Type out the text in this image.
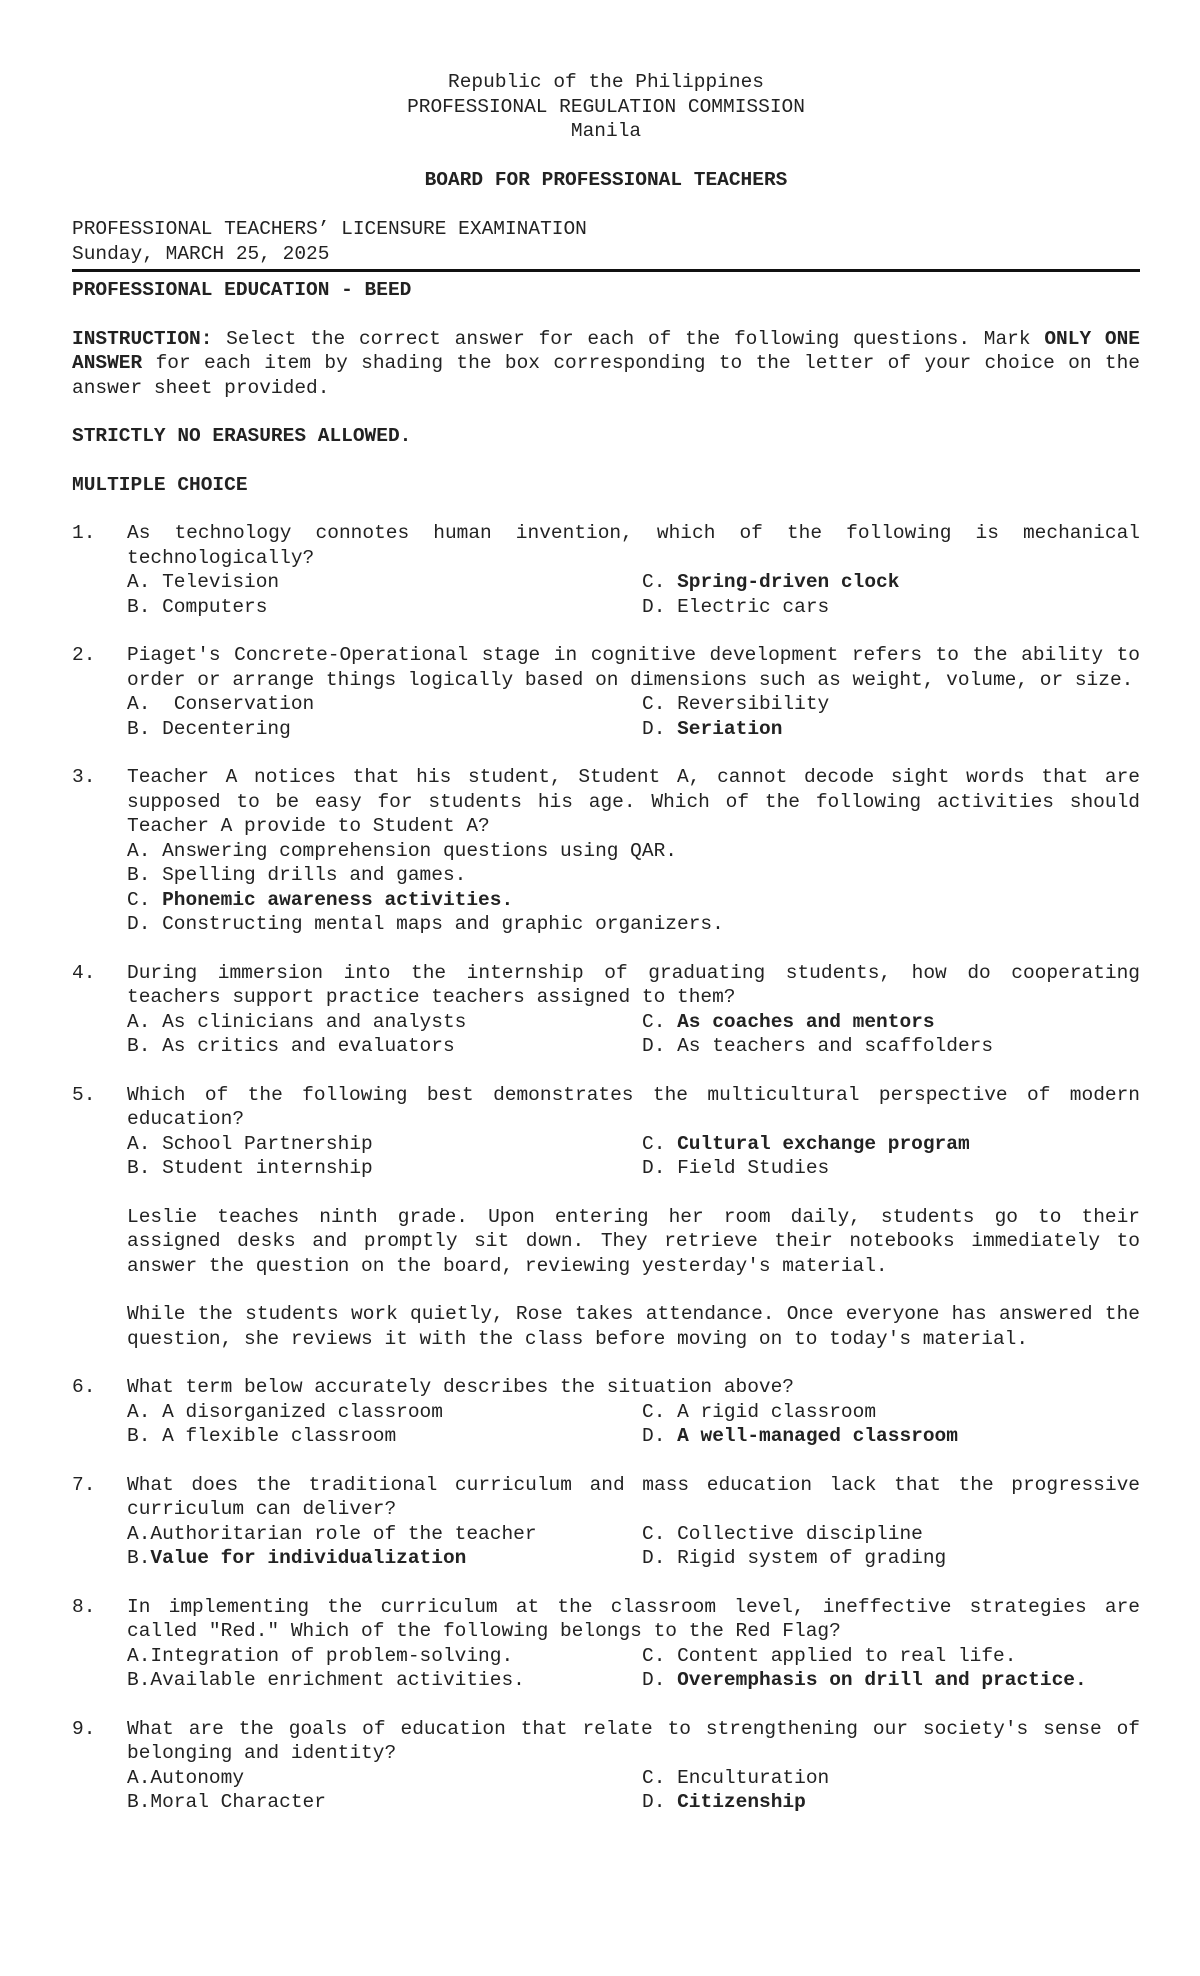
Republic of the Philippines
PROFESSIONAL REGULATION COMMISSION
Manila
BOARD FOR PROFESSIONAL TEACHERS
PROFESSIONAL TEACHERS’ LICENSURE EXAMINATION
Sunday, MARCH 25, 2025
PROFESSIONAL EDUCATION - BEED
INSTRUCTION: Select the correct answer for each of the following questions. Mark ONLY ONE ANSWER for each item by shading the box corresponding to the letter of your choice on the answer sheet provided.
STRICTLY NO ERASURES ALLOWED.
MULTIPLE CHOICE
1.	As technology connotes human invention, which of the following is mechanical technologically?
A. Television	C. Spring-driven clock
B. Computers	D. Electric cars
2.	Piaget's Concrete-Operational stage in cognitive development refers to the ability to order or arrange things logically based on dimensions such as weight, volume, or size.
A.  Conservation	C. Reversibility
B. Decentering	D. Seriation
3.	Teacher A notices that his student, Student A, cannot decode sight words that are supposed to be easy for students his age. Which of the following activities should Teacher A provide to Student A?
A. Answering comprehension questions using QAR.
B. Spelling drills and games.
C. Phonemic awareness activities.
D. Constructing mental maps and graphic organizers.
4.	During immersion into the internship of graduating students, how do cooperating teachers support practice teachers assigned to them?
A. As clinicians and analysts	C. As coaches and mentors
B. As critics and evaluators	D. As teachers and scaffolders
5.	Which of the following best demonstrates the multicultural perspective of modern education?
A. School Partnership	C. Cultural exchange program
B. Student internship	D. Field Studies
Leslie teaches ninth grade. Upon entering her room daily, students go to their assigned desks and promptly sit down. They retrieve their notebooks immediately to answer the question on the board, reviewing yesterday's material.
While the students work quietly, Rose takes attendance. Once everyone has answered the question, she reviews it with the class before moving on to today's material.
6.	What term below accurately describes the situation above?
A. A disorganized classroom	C. A rigid classroom
B. A flexible classroom	D. A well-managed classroom
7.	What does the traditional curriculum and mass education lack that the progressive curriculum can deliver?
A.Authoritarian role of the teacher	C. Collective discipline
B.Value for individualization	D. Rigid system of grading
8.	In implementing the curriculum at the classroom level, ineffective strategies are called "Red." Which of the following belongs to the Red Flag?
A.Integration of problem-solving.	C. Content applied to real life.
B.Available enrichment activities.	D. Overemphasis on drill and practice.
9.	What are the goals of education that relate to strengthening our society's sense of belonging and identity?
A.Autonomy	C. Enculturation
B.Moral Character	D. Citizenship
